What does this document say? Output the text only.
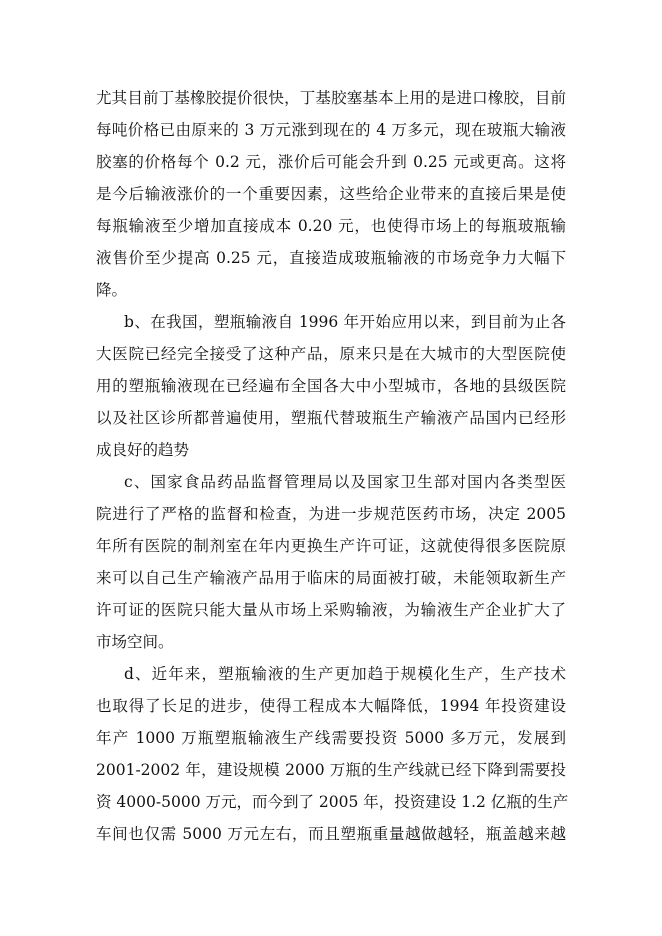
尤其目前丁基橡胶提价很快，丁基胶塞基本上用的是进口橡胶，目前
每吨价格已由原来的 3 万元涨到现在的 4 万多元，现在玻瓶大输液
胶塞的价格每个 0.2 元，涨价后可能会升到 0.25 元或更高。这将
是今后输液涨价的一个重要因素，这些给企业带来的直接后果是使
每瓶输液至少增加直接成本 0.20 元，也使得市场上的每瓶玻瓶输
液售价至少提高 0.25 元，直接造成玻瓶输液的市场竞争力大幅下
降。
b、在我国，塑瓶输液自 1996 年开始应用以来，到目前为止各
大医院已经完全接受了这种产品，原来只是在大城市的大型医院使
用的塑瓶输液现在已经遍布全国各大中小型城市，各地的县级医院
以及社区诊所都普遍使用，塑瓶代替玻瓶生产输液产品国内已经形
成良好的趋势
c、国家食品药品监督管理局以及国家卫生部对国内各类型医
院进行了严格的监督和检查，为进一步规范医药市场，决定 2005
年所有医院的制剂室在年内更换生产许可证，这就使得很多医院原
来可以自己生产输液产品用于临床的局面被打破，未能领取新生产
许可证的医院只能大量从市场上采购输液，为输液生产企业扩大了
市场空间。
d、近年来，塑瓶输液的生产更加趋于规模化生产，生产技术
也取得了长足的进步，使得工程成本大幅降低，1994 年投资建设
年产 1000 万瓶塑瓶输液生产线需要投资 5000 多万元，发展到
2001-2002 年，建设规模 2000 万瓶的生产线就已经下降到需要投
资 4000-5000 万元，而今到了 2005 年，投资建设 1.2 亿瓶的生产
车间也仅需 5000 万元左右，而且塑瓶重量越做越轻，瓶盖越来越
